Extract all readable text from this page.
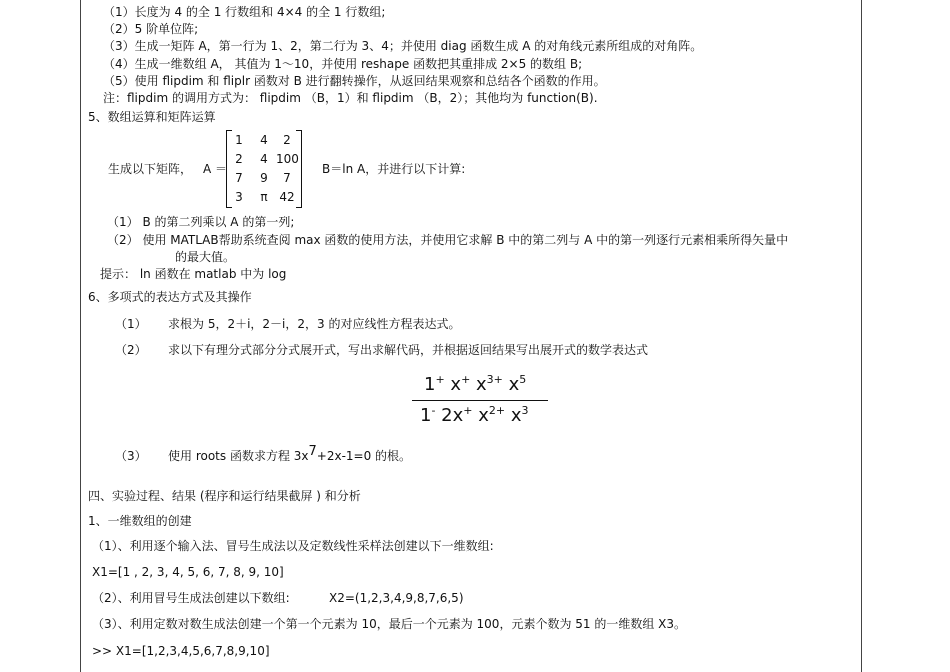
（1）长度为 4 的全 1 行数组和 4×4 的全 1 行数组;
（2）5 阶单位阵;
（3）生成一矩阵 A，第一行为 1、2，第二行为 3、4；并使用 diag 函数生成 A 的对角线元素所组成的对角阵。
（4）生成一维数组 A， 其值为 1～10，并使用 reshape 函数把其重排成 2×5 的数组 B;
（5）使用 flipdim 和 fliplr 函数对 B 进行翻转操作，从返回结果观察和总结各个函数的作用。
注：flipdim 的调用方式为： flipdim （B，1）和 flipdim （B，2）；其他均为 function(B).
5、数组运算和矩阵运算
生成以下矩阵， A ＝
1	4	2
2	4 100
7	9	7
3	π 42
B＝ln A，并进行以下计算:
（1） B 的第二列乘以 A 的第一列;
（2） 使用 MATLAB帮助系统查阅 max 函数的使用方法，并使用它求解 B 中的第二列与 A 中的第一列逐行元素相乘所得矢量中
的最大值。
提示： ln 函数在 matlab 中为 log
6、多项式的表达方式及其操作
（1） 求根为 5，2＋i，2－i，2，3 的对应线性方程表达式。
（2） 求以下有理分式部分分式展开式，写出求解代码，并根据返回结果写出展开式的数学表达式
1+ x+ $x^{3+}$ $x^5$
1- 2x+ $x^{2+}$ $x^3$
（3） 使用 roots 函数求方程 3x7+2x-1=0 的根。
四、实验过程、结果 (程序和运行结果截屏 ) 和分析
1、一维数组的创建
（1）、利用逐个输入法、冒号生成法以及定数线性采样法创建以下一维数组:
X1=[1 , 2, 3, 4, 5, 6, 7, 8, 9, 10]
（2）、利用冒号生成法创建以下数组:	X2=(1,2,3,4,9,8,7,6,5)
（3）、利用定数对数生成法创建一个第一个元素为 10，最后一个元素为 100，元素个数为 51 的一维数组 X3。
>> X1=[1,2,3,4,5,6,7,8,9,10]
